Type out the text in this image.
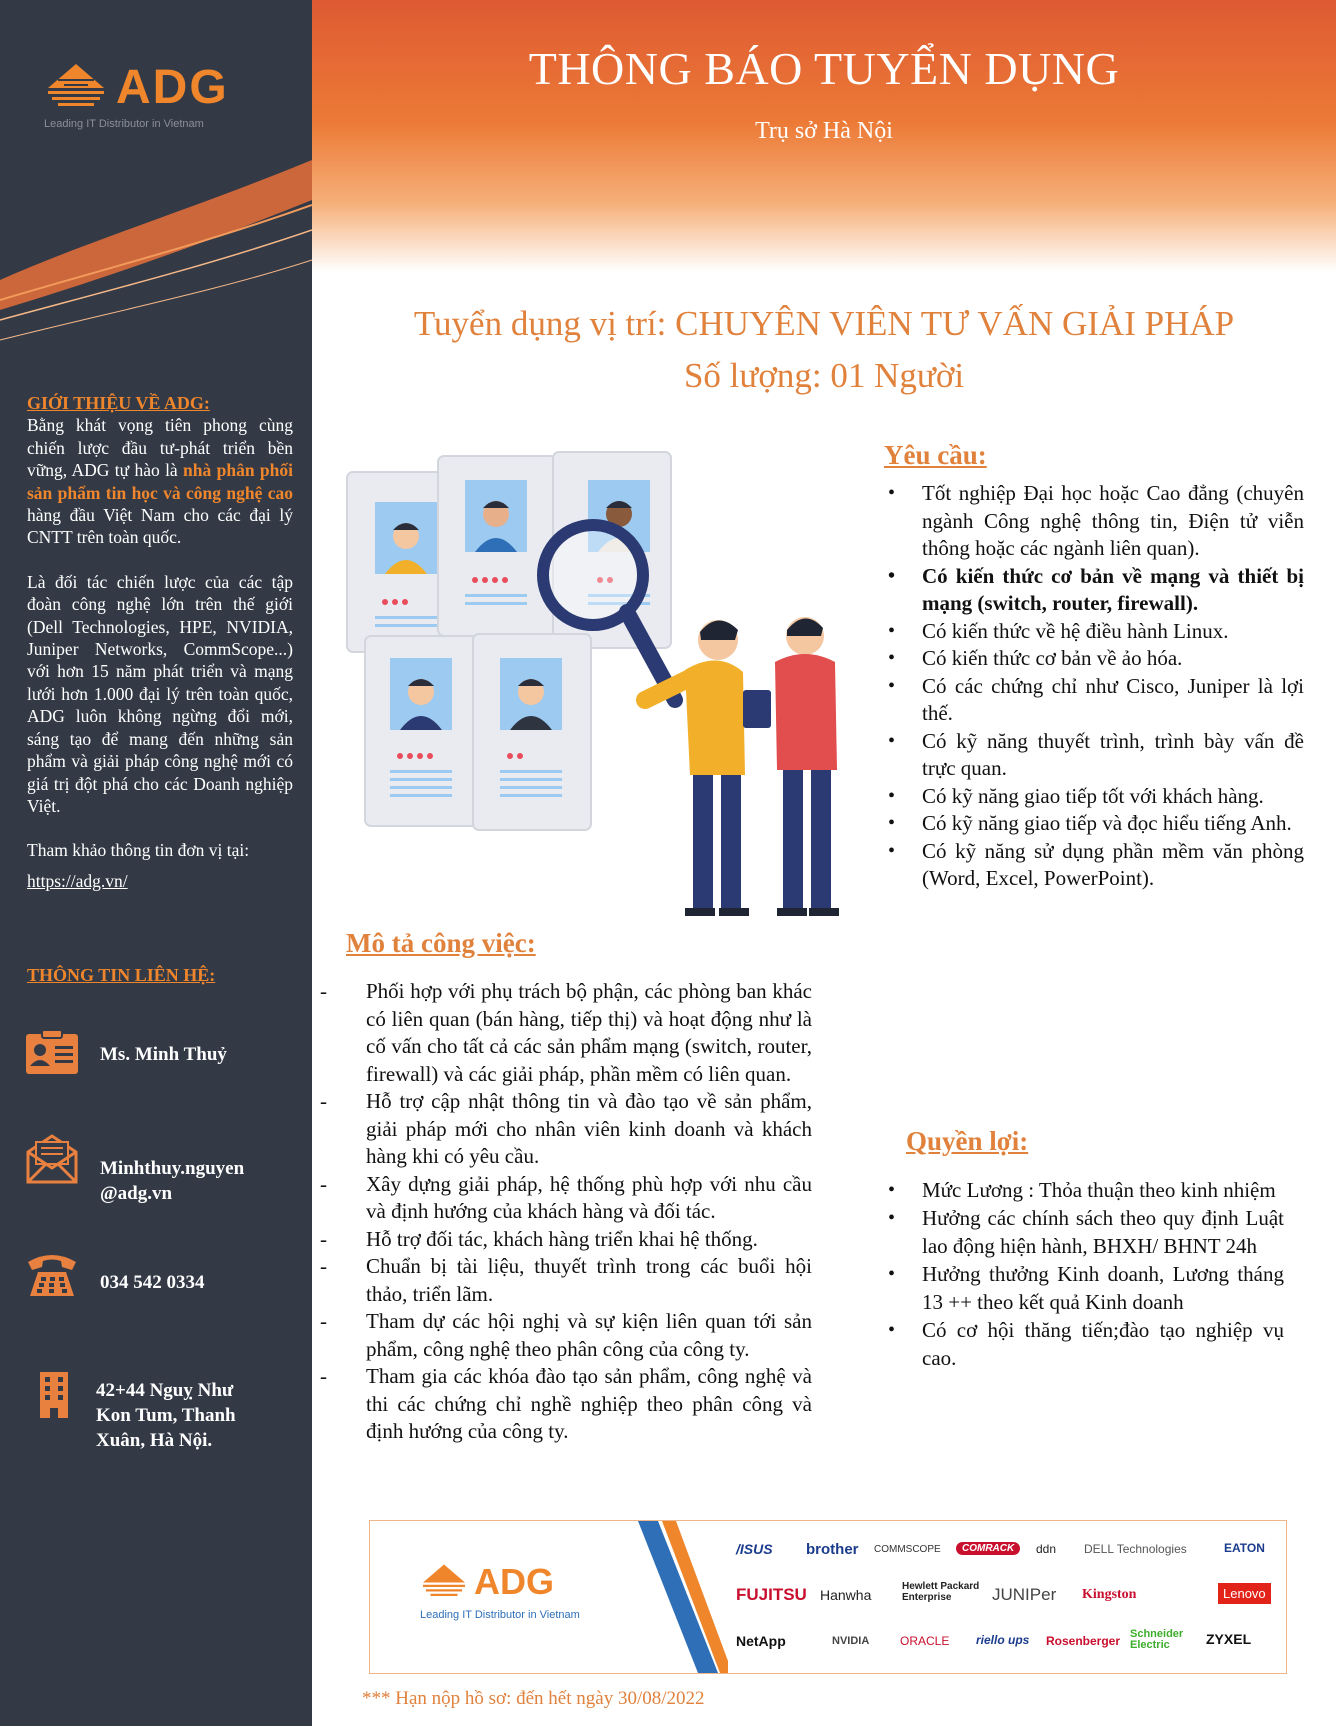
ADG
Leading IT Distributor in Vietnam
GIỚI THIỆU VỀ ADG:

Bằng khát vọng tiên phong cùng chiến lược đầu tư-phát triển bền vững, ADG tự hào là nhà phân phối sản phẩm tin học và công nghệ cao hàng đầu Việt Nam cho các đại lý CNTT trên toàn quốc.

Là đối tác chiến lược của các tập đoàn công nghệ lớn trên thế giới (Dell Technologies, HPE, NVIDIA, Juniper Networks, CommScope...) với hơn 15 năm phát triển và mạng lưới hơn 1.000 đại lý trên toàn quốc, ADG luôn không ngừng đổi mới, sáng tạo để mang đến những sản phẩm và giải pháp công nghệ mới có giá trị đột phá cho các Doanh nghiệp Việt.

Tham khảo thông tin đơn vị tại:

https://adg.vn/

THÔNG TIN LIÊN HỆ:
Ms. Minh Thuỷ
Minhthuy.nguyen
@adg.vn
034 542 0334
42+44 Nguỵ Như
Kon Tum, Thanh
Xuân, Hà Nội.
THÔNG BÁO TUYỂN DỤNG
Trụ sở Hà Nội
Tuyển dụng vị trí: CHUYÊN VIÊN TƯ VẤN GIẢI PHÁP
Số lượng: 01 Người
Yêu cầu:
• Tốt nghiệp Đại học hoặc Cao đẳng (chuyên ngành Công nghệ thông tin, Điện tử viễn thông hoặc các ngành liên quan).
• Có kiến thức cơ bản về mạng và thiết bị mạng (switch, router, firewall).
• Có kiến thức về hệ điều hành Linux.
• Có kiến thức cơ bản về ảo hóa.
• Có các chứng chỉ như Cisco, Juniper là lợi thế.
• Có kỹ năng thuyết trình, trình bày vấn đề trực quan.
• Có kỹ năng giao tiếp tốt với khách hàng.
• Có kỹ năng giao tiếp và đọc hiểu tiếng Anh.
• Có kỹ năng sử dụng phần mềm văn phòng (Word, Excel, PowerPoint).
Mô tả công việc:
- Phối hợp với phụ trách bộ phận, các phòng ban khác có liên quan (bán hàng, tiếp thị) và hoạt động như là cố vấn cho tất cả các sản phẩm mạng (switch, router, firewall) và các giải pháp, phần mềm có liên quan.
- Hỗ trợ cập nhật thông tin và đào tạo về sản phẩm, giải pháp mới cho nhân viên kinh doanh và khách hàng khi có yêu cầu.
- Xây dựng giải pháp, hệ thống phù hợp với nhu cầu và định hướng của khách hàng và đối tác.
- Hỗ trợ đối tác, khách hàng triển khai hệ thống.
- Chuẩn bị tài liệu, thuyết trình trong các buổi hội thảo, triển lãm.
- Tham dự các hội nghị và sự kiện liên quan tới sản phẩm, công nghệ theo phân công của công ty.
- Tham gia các khóa đào tạo sản phẩm, công nghệ và thi các chứng chỉ nghề nghiệp theo phân công và định hướng của công ty.
Quyền lợi:
• Mức Lương : Thỏa thuận theo kinh nhiệm
• Hưởng các chính sách theo quy định Luật lao động hiện hành, BHXH/ BHNT 24h
• Hưởng thưởng Kinh doanh, Lương tháng 13 ++ theo kết quả Kinh doanh
• Có cơ hội thăng tiến;đào tạo nghiệp vụ cao.
ADG
Leading IT Distributor in Vietnam
/ISUS brother COMMSCOPE	COMRACK	ddn DELL Technologies	EATON
FUJITSU Hanwha
Hewlett Packard Enterprise	JUNIPer Kingston	Lenovo
NetApp	NVIDIA	ORACLE riello ups Rosenberger Schneider Electric	ZYXEL
*** Hạn nộp hồ sơ: đến hết ngày 30/08/2022
